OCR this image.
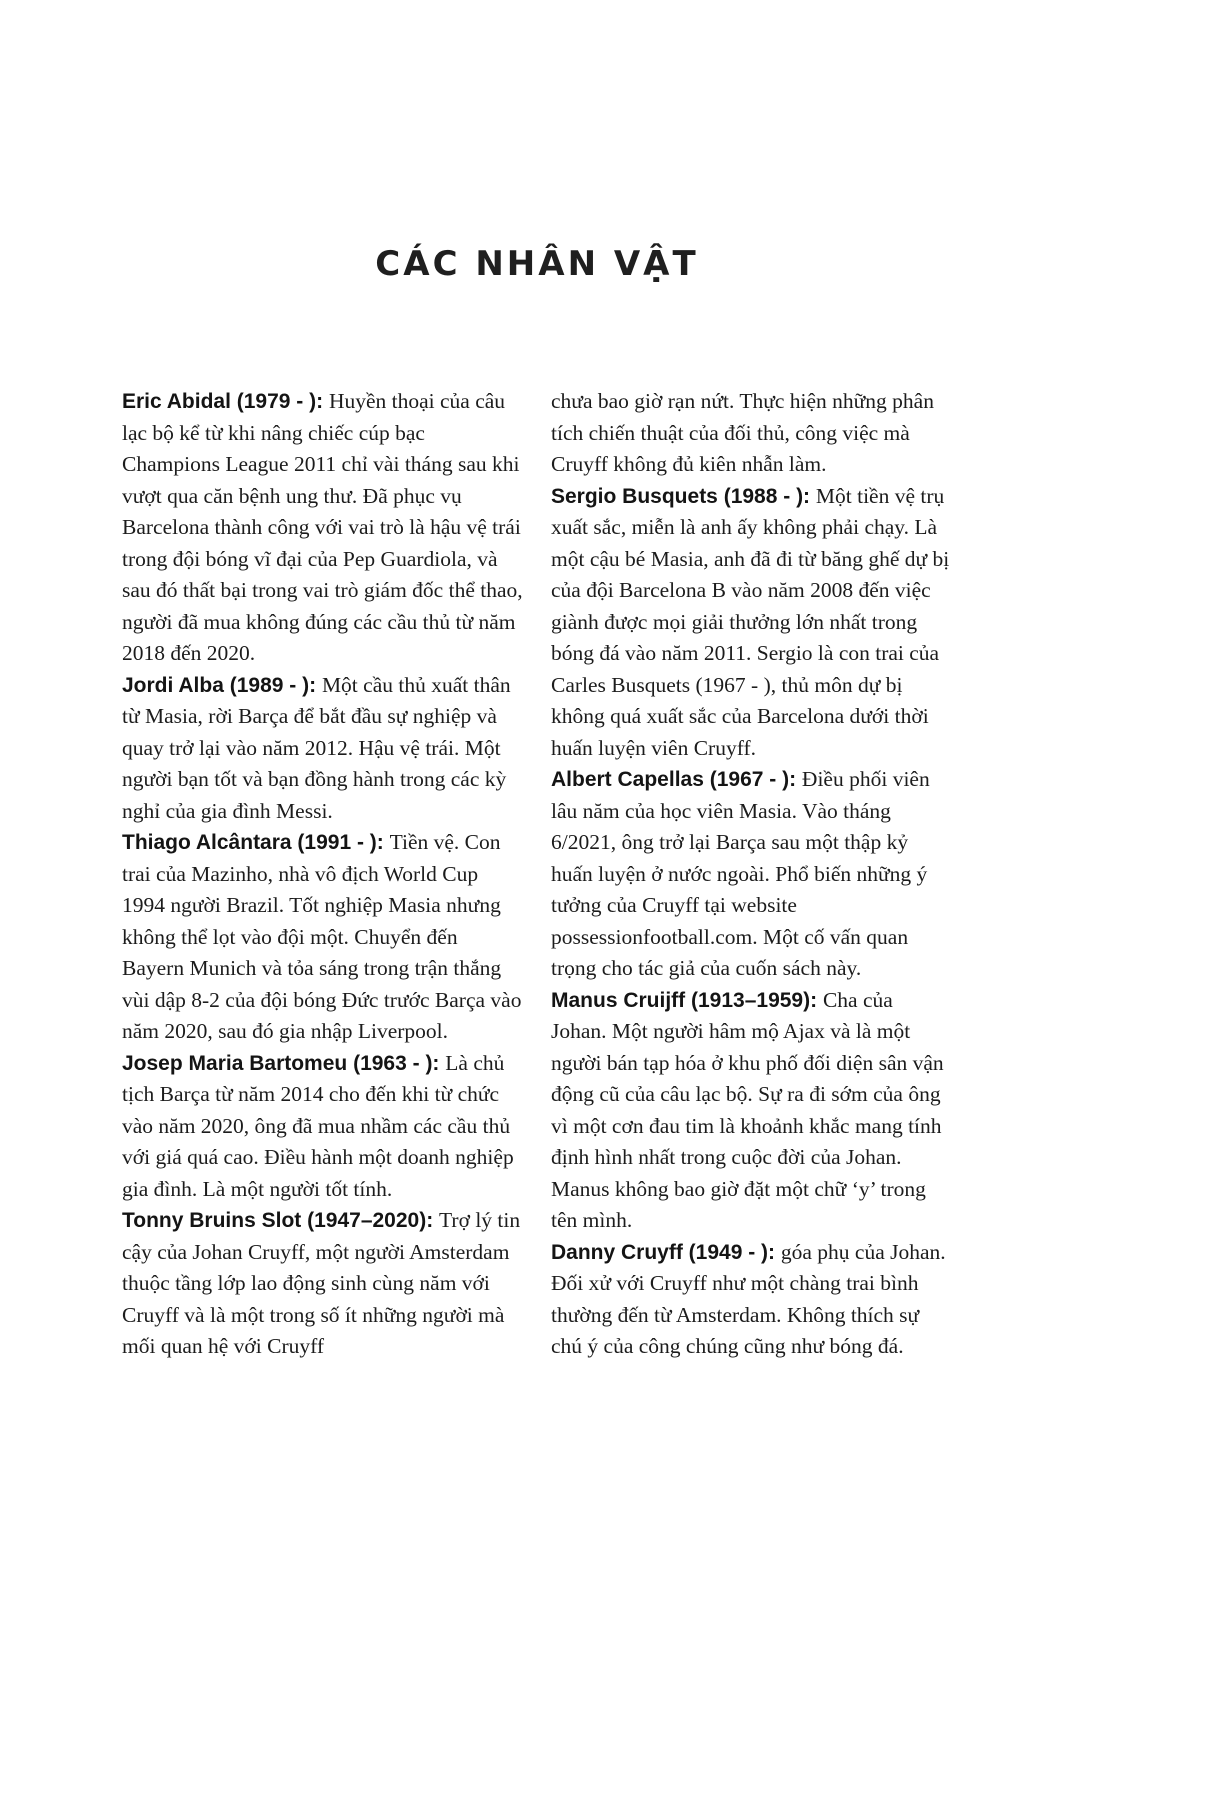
CÁC NHÂN VẬT

Eric Abidal (1979 - ): Huyền thoại của câu lạc bộ kể từ khi nâng chiếc cúp bạc Champions League 2011 chỉ vài tháng sau khi vượt qua căn bệnh ung thư. Đã phục vụ Barcelona thành công với vai trò là hậu vệ trái trong đội bóng vĩ đại của Pep Guardiola, và sau đó thất bại trong vai trò giám đốc thể thao, người đã mua không đúng các cầu thủ từ năm 2018 đến 2020.

Jordi Alba (1989 - ): Một cầu thủ xuất thân từ Masia, rời Barça để bắt đầu sự nghiệp và quay trở lại vào năm 2012. Hậu vệ trái. Một người bạn tốt và bạn đồng hành trong các kỳ nghỉ của gia đình Messi.

Thiago Alcântara (1991 - ): Tiền vệ. Con trai của Mazinho, nhà vô địch World Cup 1994 người Brazil. Tốt nghiệp Masia nhưng không thể lọt vào đội một. Chuyển đến Bayern Munich và tỏa sáng trong trận thắng vùi dập 8-2 của đội bóng Đức trước Barça vào năm 2020, sau đó gia nhập Liverpool.

Josep Maria Bartomeu (1963 - ): Là chủ tịch Barça từ năm 2014 cho đến khi từ chức vào năm 2020, ông đã mua nhầm các cầu thủ với giá quá cao. Điều hành một doanh nghiệp gia đình. Là một người tốt tính.

Tonny Bruins Slot (1947–2020): Trợ lý tin cậy của Johan Cruyff, một người Amsterdam thuộc tầng lớp lao động sinh cùng năm với Cruyff và là một trong số ít những người mà mối quan hệ với Cruyff

chưa bao giờ rạn nứt. Thực hiện những phân tích chiến thuật của đối thủ, công việc mà Cruyff không đủ kiên nhẫn làm.

Sergio Busquets (1988 - ): Một tiền vệ trụ xuất sắc, miễn là anh ấy không phải chạy. Là một cậu bé Masia, anh đã đi từ băng ghế dự bị của đội Barcelona B vào năm 2008 đến việc giành được mọi giải thưởng lớn nhất trong bóng đá vào năm 2011. Sergio là con trai của Carles Busquets (1967 - ), thủ môn dự bị không quá xuất sắc của Barcelona dưới thời huấn luyện viên Cruyff.

Albert Capellas (1967 - ): Điều phối viên lâu năm của học viên Masia. Vào tháng 6/2021, ông trở lại Barça sau một thập kỷ huấn luyện ở nước ngoài. Phổ biến những ý tưởng của Cruyff tại website possessionfootball.com. Một cố vấn quan trọng cho tác giả của cuốn sách này.

Manus Cruijff (1913–1959): Cha của Johan. Một người hâm mộ Ajax và là một người bán tạp hóa ở khu phố đối diện sân vận động cũ của câu lạc bộ. Sự ra đi sớm của ông vì một cơn đau tim là khoảnh khắc mang tính định hình nhất trong cuộc đời của Johan. Manus không bao giờ đặt một chữ ‘y’ trong tên mình.

Danny Cruyff (1949 - ): góa phụ của Johan. Đối xử với Cruyff như một chàng trai bình thường đến từ Amsterdam. Không thích sự chú ý của công chúng cũng như bóng đá.
